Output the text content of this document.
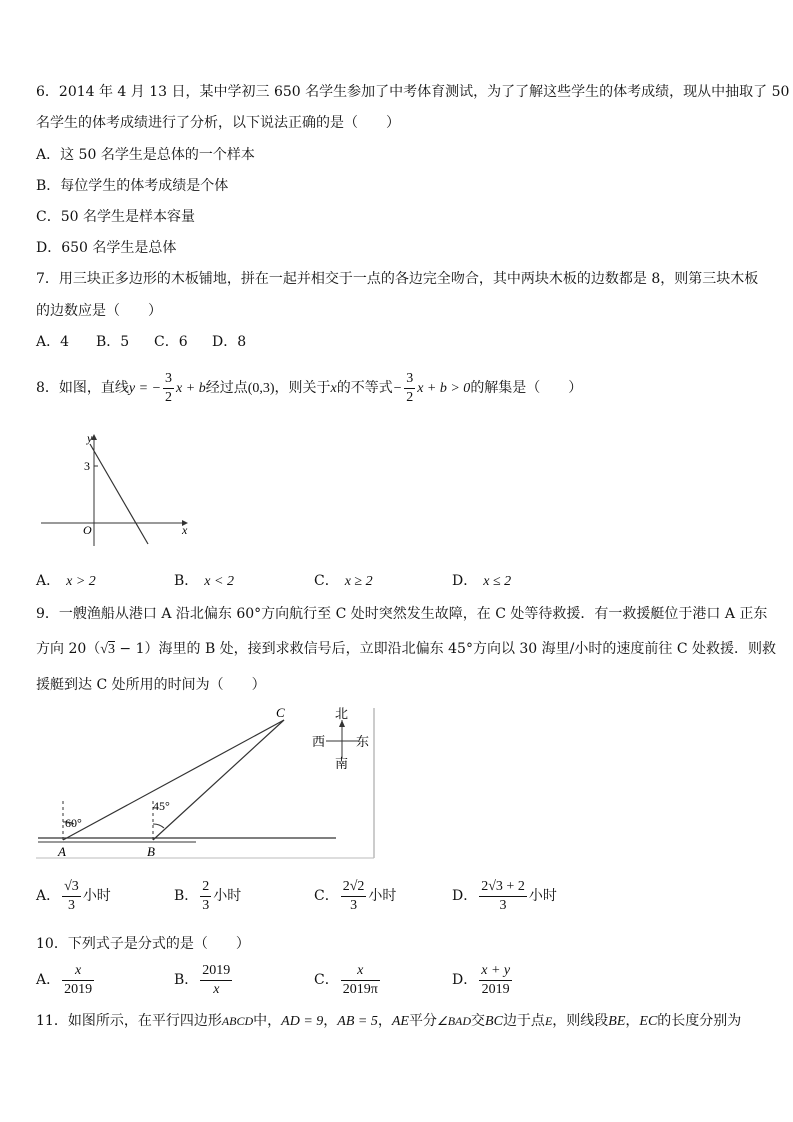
6．2014 年 4 月 13 日，某中学初三 650 名学生参加了中考体育测试，为了了解这些学生的体考成绩，现从中抽取了 50
名学生的体考成绩进行了分析，以下说法正确的是（　　）
A．这 50 名学生是总体的一个样本
B．每位学生的体考成绩是个体
C．50 名学生是样本容量
D．650 名学生是总体
7．用三块正多边形的木板铺地，拼在一起并相交于一点的各边完全吻合，其中两块木板的边数都是 8，则第三块木板
的边数应是（　　）
A．4 B．5 C．6 D．8
8．如图，直线y = − $\frac{3}{2}$ x + b经过点(0,3)，则关于x的不等式− $\frac{3}{2}$ x + b > 0的解集是（　　）
3
y
x
O
A． x > 2	B． x < 2	C． x ≥ 2	D． x ≤ 2
9．一艘渔船从港口 A 沿北偏东 60°方向航行至 C 处时突然发生故障，在 C 处等待救援．有一救援艇位于港口 A 正东
方向 20（√3 − 1）海里的 B 处，接到求救信号后，立即沿北偏东 45°方向以 30 海里/小时的速度前往 C 处救援．则救
援艇到达 C 处所用的时间为（　　）
北
南
西 东
C
A	B
60°
45°
A． $\frac{√3}{3}$ 小时	B． $\frac{2}{3}$ 小时	C． $\frac{2√2}{3}$ 小时	D． $\frac{2√3 + 2}{3}$ 小时
10．下列式子是分式的是（　　）
A． $\frac{x}{2019}$	B． $\frac{2019}{x}$	C． $\frac{x}{2019\pi}$	D． $\frac{x + y}{2019}$
11．如图所示，在平行四边形ABCD中，AD = 9，AB = 5，AE平分∠BAD交BC边于点E，则线段BE，EC的长度分别为
